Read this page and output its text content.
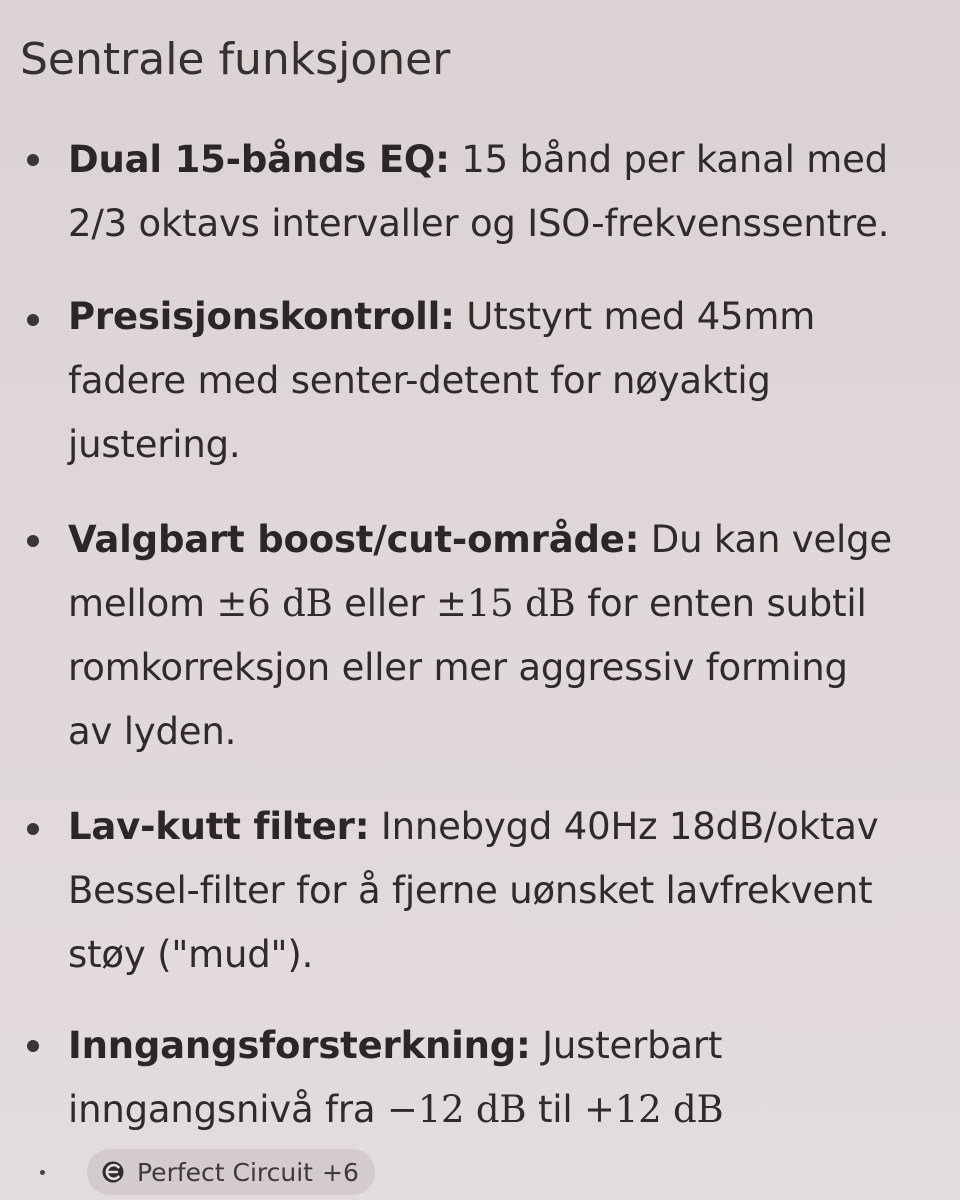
Sentrale funksjoner
Dual 15-bånds EQ: 15 bånd per kanal med
2/3 oktavs intervaller og ISO-frekvenssentre.
Presisjonskontroll: Utstyrt med 45mm
fadere med senter-detent for nøyaktig
justering.
Valgbart boost/cut-område: Du kan velge
mellom ±6 dB eller ±15 dB for enten subtil
romkorreksjon eller mer aggressiv forming
av lyden.
Lav-kutt filter: Innebygd 40Hz 18dB/oktav
Bessel-filter for å fjerne uønsket lavfrekvent
støy ("mud").
Inngangsforsterkning: Justerbart
inngangsnivå fra −12 dB til +12 dB
Perfect Circuit +6
